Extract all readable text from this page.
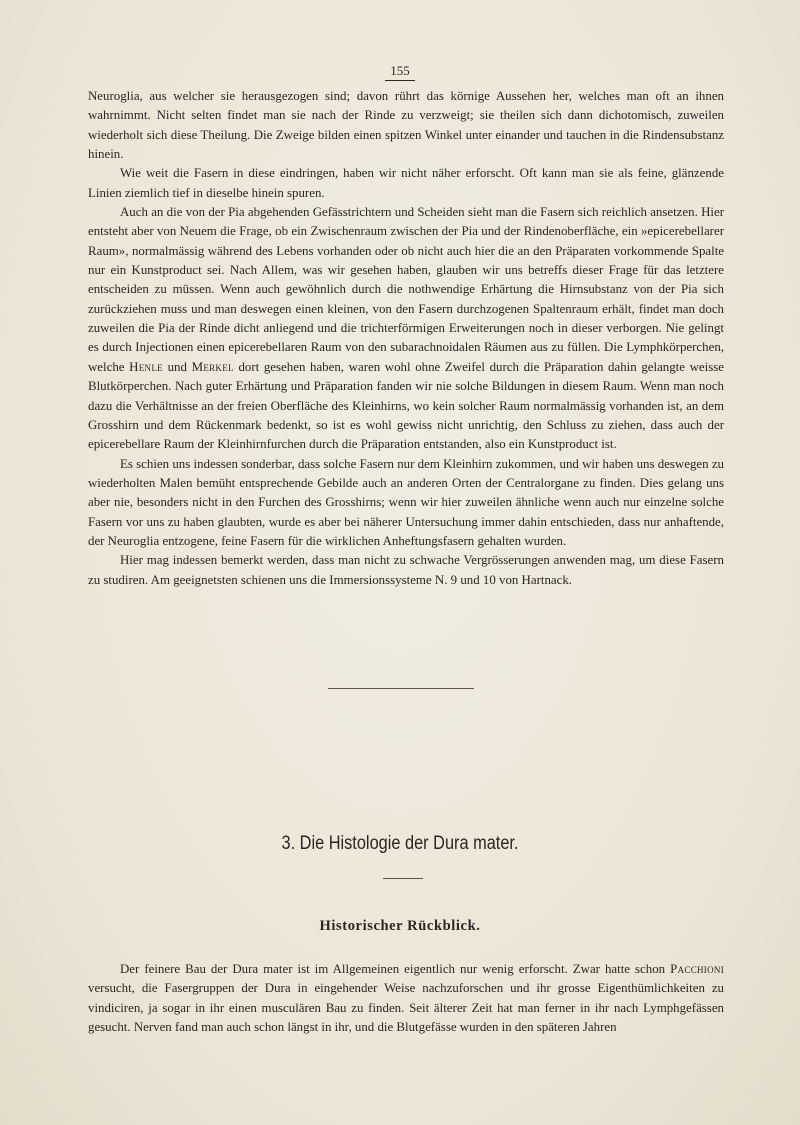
155

Neuroglia, aus welcher sie herausgezogen sind; davon rührt das körnige Aussehen her, welches man oft an ihnen wahrnimmt. Nicht selten findet man sie nach der Rinde zu verzweigt; sie theilen sich dann dichotomisch, zuweilen wiederholt sich diese Theilung. Die Zweige bilden einen spitzen Winkel unter einander und tauchen in die Rindensubstanz hinein.

Wie weit die Fasern in diese eindringen, haben wir nicht näher erforscht. Oft kann man sie als feine, glänzende Linien ziemlich tief in dieselbe hinein spuren.

Auch an die von der Pia abgehenden Gefässtrichtern und Scheiden sieht man die Fasern sich reichlich ansetzen. Hier entsteht aber von Neuem die Frage, ob ein Zwischenraum zwischen der Pia und der Rindenoberfläche, ein »epicerebellarer Raum», normalmässig während des Lebens vorhanden oder ob nicht auch hier die an den Präparaten vorkommende Spalte nur ein Kunstproduct sei. Nach Allem, was wir gesehen haben, glauben wir uns betreffs dieser Frage für das letztere entscheiden zu müssen. Wenn auch gewöhnlich durch die nothwendige Erhärtung die Hirnsubstanz von der Pia sich zurückziehen muss und man deswegen einen kleinen, von den Fasern durchzogenen Spaltenraum erhält, findet man doch zuweilen die Pia der Rinde dicht anliegend und die trichterförmigen Erweiterungen noch in dieser verborgen. Nie gelingt es durch Injectionen einen epicerebellaren Raum von den subarachnoidalen Räumen aus zu füllen. Die Lymphkörperchen, welche Henle und Merkel dort gesehen haben, waren wohl ohne Zweifel durch die Präparation dahin gelangte weisse Blutkörperchen. Nach guter Erhärtung und Präparation fanden wir nie solche Bildungen in diesem Raum. Wenn man noch dazu die Verhältnisse an der freien Oberfläche des Kleinhirns, wo kein solcher Raum normalmässig vorhanden ist, an dem Grosshirn und dem Rückenmark bedenkt, so ist es wohl gewiss nicht unrichtig, den Schluss zu ziehen, dass auch der epicerebellare Raum der Kleinhirnfurchen durch die Präparation entstanden, also ein Kunstproduct ist.

Es schien uns indessen sonderbar, dass solche Fasern nur dem Kleinhirn zukommen, und wir haben uns deswegen zu wiederholten Malen bemüht entsprechende Gebilde auch an anderen Orten der Centralorgane zu finden. Dies gelang uns aber nie, besonders nicht in den Furchen des Grosshirns; wenn wir hier zuweilen ähnliche wenn auch nur einzelne solche Fasern vor uns zu haben glaubten, wurde es aber bei näherer Untersuchung immer dahin entschieden, dass nur anhaftende, der Neuroglia entzogene, feine Fasern für die wirklichen Anheftungsfasern gehalten wurden.

Hier mag indessen bemerkt werden, dass man nicht zu schwache Vergrösserungen anwenden mag, um diese Fasern zu studiren. Am geeignetsten schienen uns die Immersionssysteme N. 9 und 10 von Hartnack.

3. Die Histologie der Dura mater.
Historischer Rückblick.

Der feinere Bau der Dura mater ist im Allgemeinen eigentlich nur wenig erforscht. Zwar hatte schon Pacchioni versucht, die Fasergruppen der Dura in eingehender Weise nachzuforschen und ihr grosse Eigenthümlichkeiten zu vindiciren, ja sogar in ihr einen musculären Bau zu finden. Seit älterer Zeit hat man ferner in ihr nach Lymphgefässen gesucht. Nerven fand man auch schon längst in ihr, und die Blutgefässe wurden in den späteren Jahren
